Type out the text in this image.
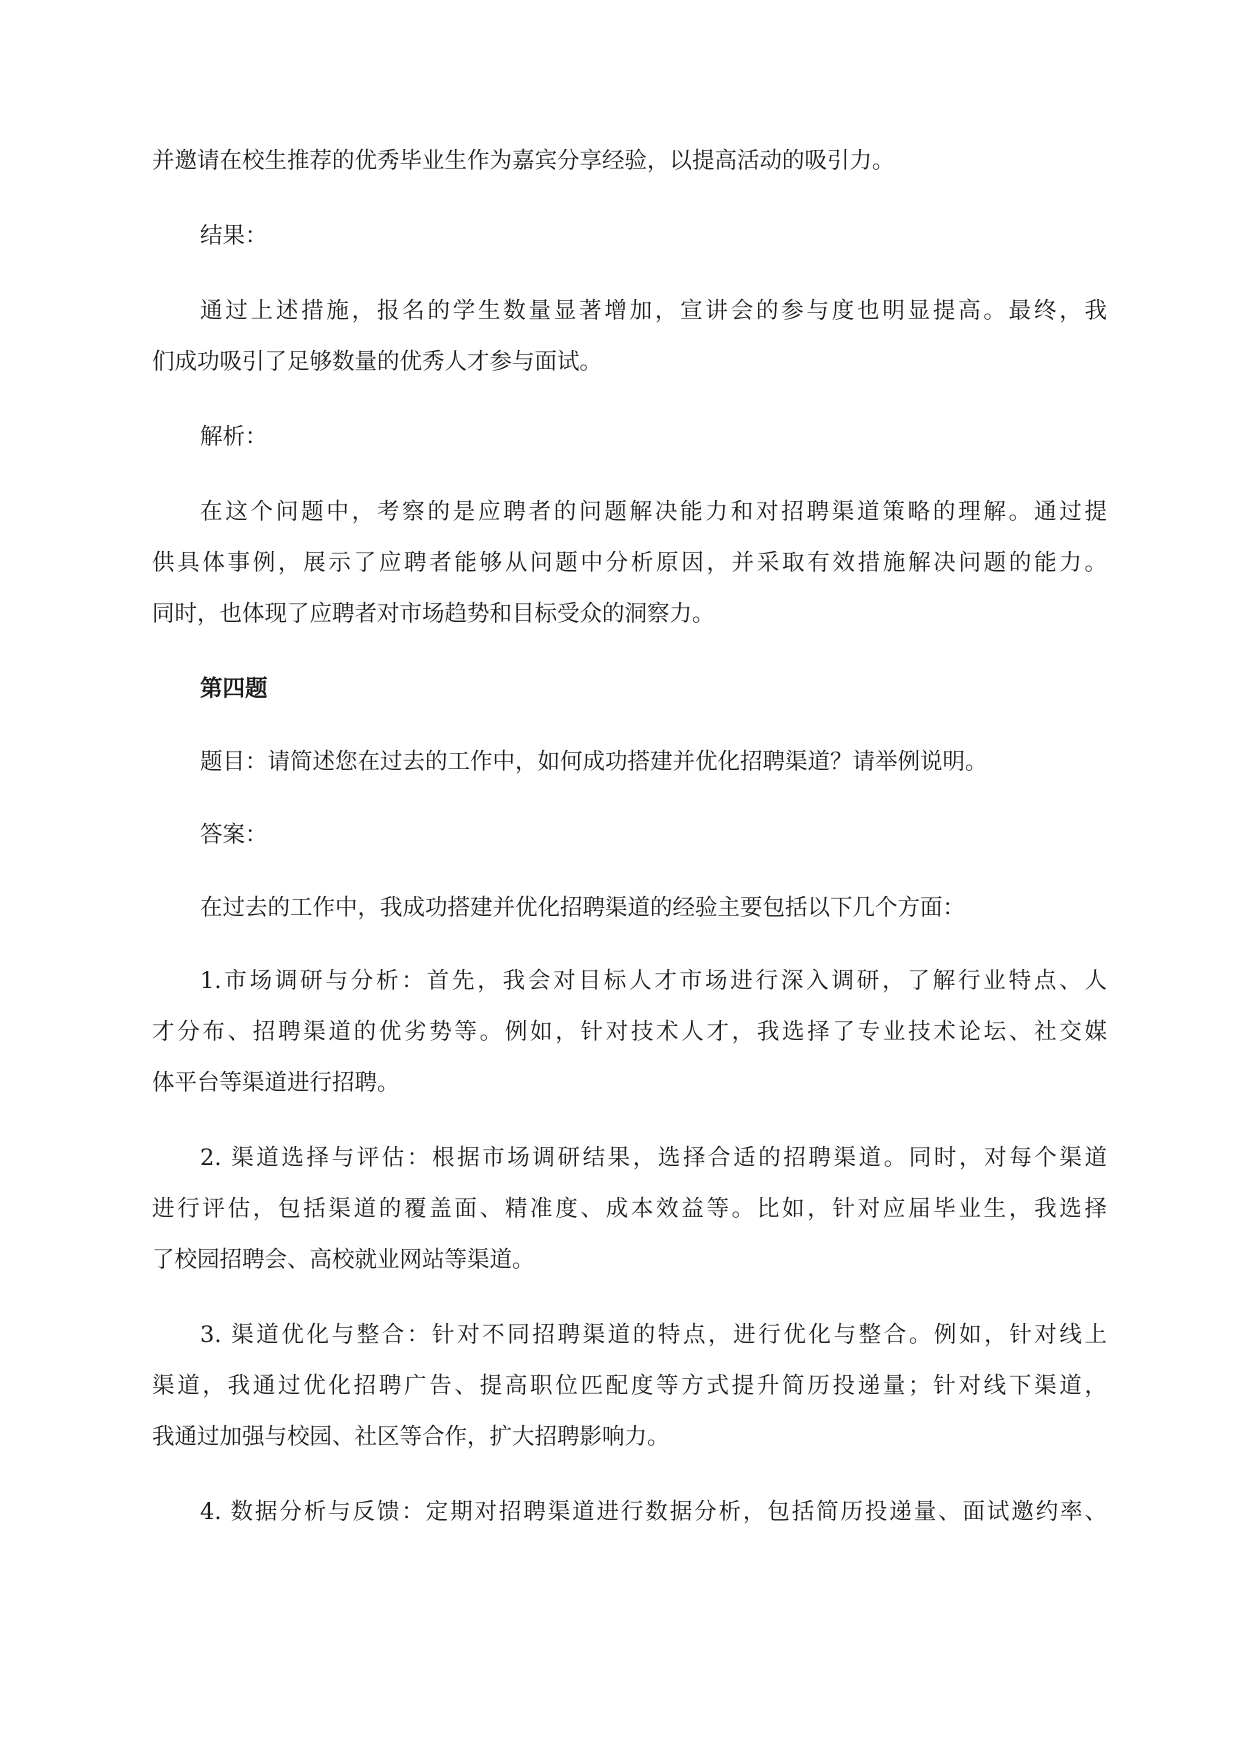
并邀请在校生推荐的优秀毕业生作为嘉宾分享经验，以提高活动的吸引力。

结果：

通过上述措施，报名的学生数量显著增加，宣讲会的参与度也明显提高。最终，我
们成功吸引了足够数量的优秀人才参与面试。

解析：

在这个问题中，考察的是应聘者的问题解决能力和对招聘渠道策略的理解。通过提
供具体事例，展示了应聘者能够从问题中分析原因，并采取有效措施解决问题的能力。
同时，也体现了应聘者对市场趋势和目标受众的洞察力。

第四题

题目：请简述您在过去的工作中，如何成功搭建并优化招聘渠道？请举例说明。

答案：

在过去的工作中，我成功搭建并优化招聘渠道的经验主要包括以下几个方面：

1.市场调研与分析：首先，我会对目标人才市场进行深入调研，了解行业特点、人
才分布、招聘渠道的优劣势等。例如，针对技术人才，我选择了专业技术论坛、社交媒
体平台等渠道进行招聘。

2. 渠道选择与评估：根据市场调研结果，选择合适的招聘渠道。同时，对每个渠道
进行评估，包括渠道的覆盖面、精准度、成本效益等。比如，针对应届毕业生，我选择
了校园招聘会、高校就业网站等渠道。

3. 渠道优化与整合：针对不同招聘渠道的特点，进行优化与整合。例如，针对线上
渠道，我通过优化招聘广告、提高职位匹配度等方式提升简历投递量；针对线下渠道，
我通过加强与校园、社区等合作，扩大招聘影响力。

4. 数据分析与反馈：定期对招聘渠道进行数据分析，包括简历投递量、面试邀约率、
